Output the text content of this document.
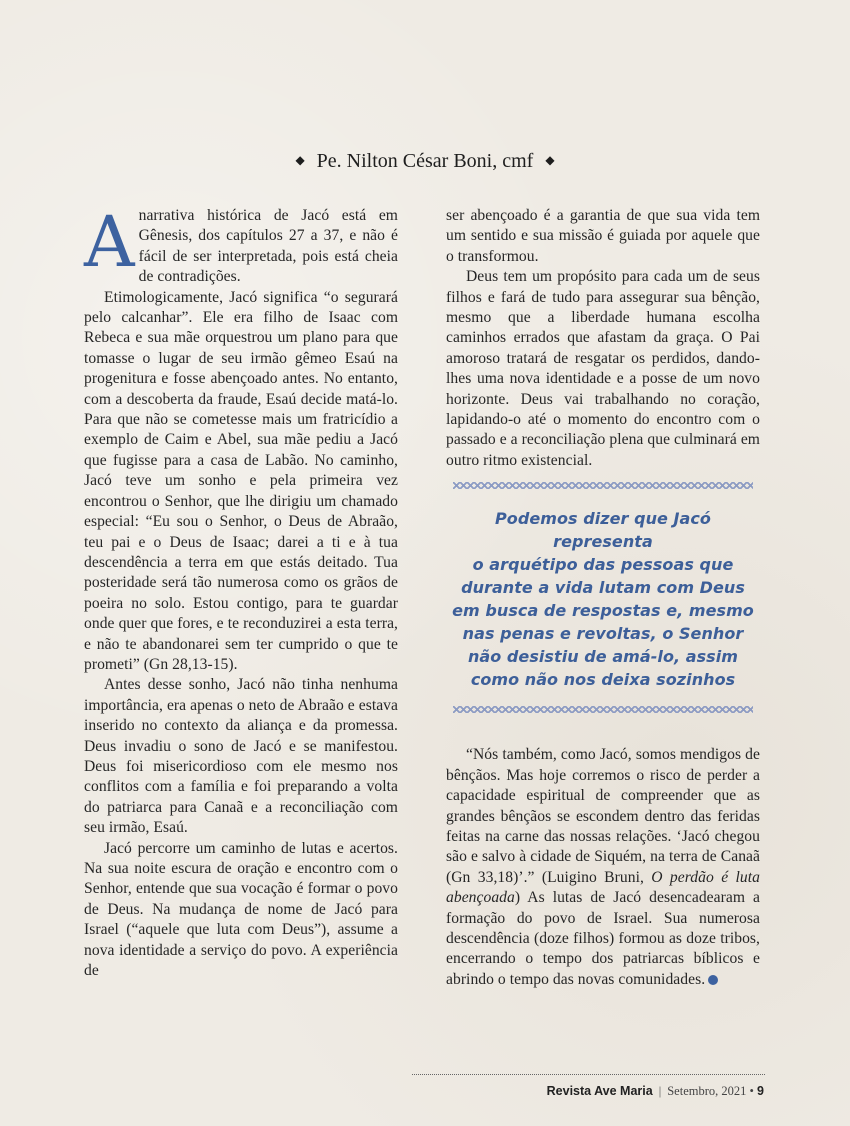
◆ Pe. Nilton César Boni, cmf ◆

Anarrativa histórica de Jacó está em Gênesis, dos capítulos 27 a 37, e não é fácil de ser interpretada, pois está cheia de contradições.

Etimologicamente, Jacó significa “o segurará pelo calcanhar”. Ele era filho de Isaac com Rebeca e sua mãe orquestrou um plano para que tomasse o lugar de seu irmão gêmeo Esaú na progenitura e fosse abençoado antes. No entanto, com a descoberta da fraude, Esaú decide matá-lo. Para que não se cometesse mais um fratricídio a exemplo de Caim e Abel, sua mãe pediu a Jacó que fugisse para a casa de Labão. No caminho, Jacó teve um sonho e pela primeira vez encontrou o Senhor, que lhe dirigiu um chamado especial: “Eu sou o Senhor, o Deus de Abraão, teu pai e o Deus de Isaac; darei a ti e à tua descendência a terra em que estás deitado. Tua posteridade será tão numerosa como os grãos de poeira no solo. Estou contigo, para te guardar onde quer que fores, e te reconduzirei a esta terra, e não te abandonarei sem ter cumprido o que te prometi” (Gn 28,13-15).

Antes desse sonho, Jacó não tinha nenhuma importância, era apenas o neto de Abraão e estava inserido no contexto da aliança e da promessa. Deus invadiu o sono de Jacó e se manifestou. Deus foi misericordioso com ele mesmo nos conflitos com a família e foi preparando a volta do patriarca para Canaã e a reconciliação com seu irmão, Esaú.

Jacó percorre um caminho de lutas e acertos. Na sua noite escura de oração e encontro com o Senhor, entende que sua vocação é formar o povo de Deus. Na mudança de nome de Jacó para Israel (“aquele que luta com Deus”), assume a nova identidade a serviço do povo. A experiência de

ser abençoado é a garantia de que sua vida tem um sentido e sua missão é guiada por aquele que o transformou.

Deus tem um propósito para cada um de seus filhos e fará de tudo para assegurar sua bênção, mesmo que a liberdade humana escolha caminhos errados que afastam da graça. O Pai amoroso tratará de resgatar os perdidos, dando-lhes uma nova identidade e a posse de um novo horizonte. Deus vai trabalhando no coração, lapidando-o até o momento do encontro com o passado e a reconciliação plena que culminará em outro ritmo existencial.

Podemos dizer que Jacó representa
o arquétipo das pessoas que
durante a vida lutam com Deus
em busca de respostas e, mesmo
nas penas e revoltas, o Senhor
não desistiu de amá-lo, assim
como não nos deixa sozinhos

“Nós também, como Jacó, somos mendigos de bênçãos. Mas hoje corremos o risco de perder a capacidade espiritual de compreender que as grandes bênçãos se escondem dentro das feridas feitas na carne das nossas relações. ‘Jacó chegou são e salvo à cidade de Siquém, na terra de Canaã (Gn 33,18)’.” (Luigino Bruni, O perdão é luta abençoada) As lutas de Jacó desencadearam a formação do povo de Israel. Sua numerosa descendência (doze filhos) formou as doze tribos, encerrando o tempo dos patriarcas bíblicos e abrindo o tempo das novas comunidades.

Revista Ave Maria | Setembro, 2021 • 9
